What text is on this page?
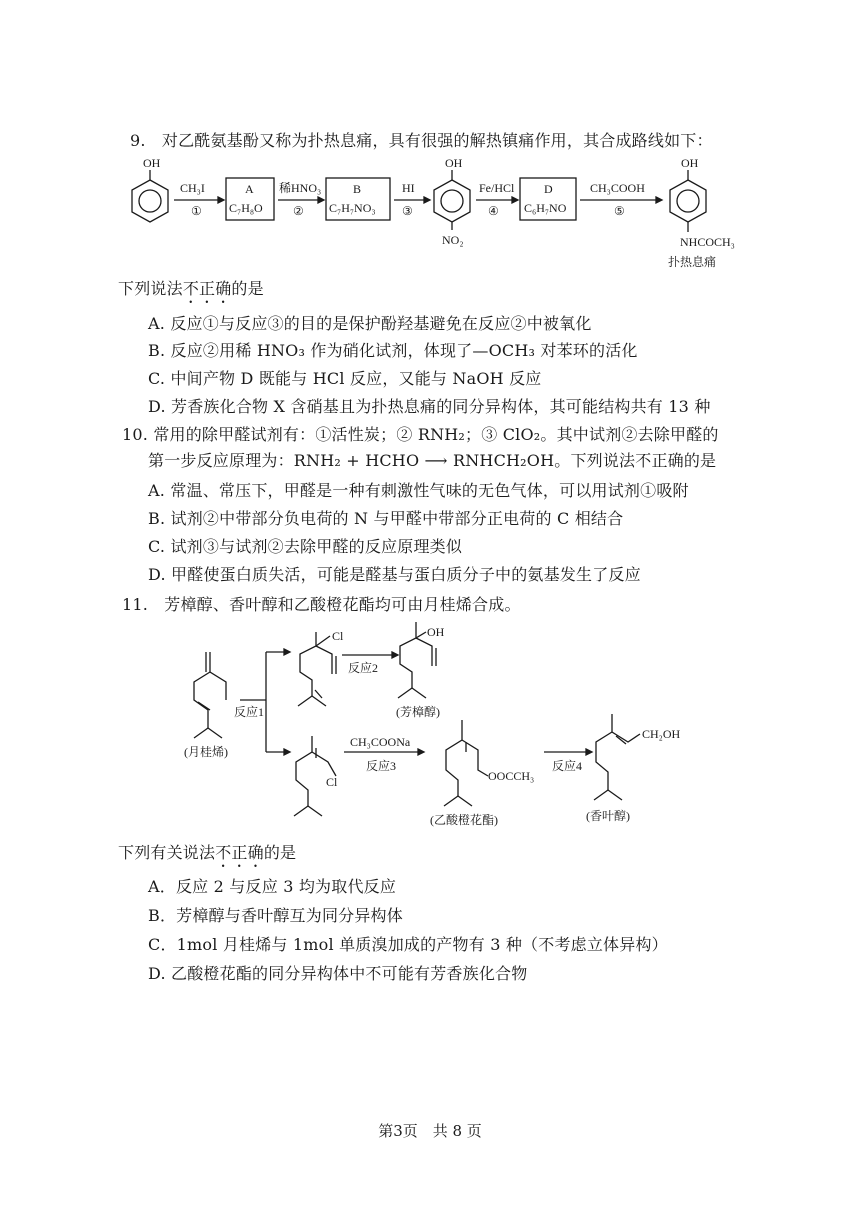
9.　对乙酰氨基酚又称为扑热息痛，具有很强的解热镇痛作用，其合成路线如下：
OH
CH₃I
①
A
C₇H₈O
稀HNO₃
②
B
C₇H₇NO₃
HI
③
OH
NO₂
Fe/HCl
④
D
C₆H₇NO
CH₃COOH
⑤
OH
NHCOCH₃
扑热息痛
下列说法不正确的是
A. 反应①与反应③的目的是保护酚羟基避免在反应②中被氧化
B. 反应②用稀 HNO₃ 作为硝化试剂，体现了—OCH₃ 对苯环的活化
C. 中间产物 D 既能与 HCl 反应，又能与 NaOH 反应
D. 芳香族化合物 X 含硝基且为扑热息痛的同分异构体，其可能结构共有 13 种
10. 常用的除甲醛试剂有：①活性炭；② RNH₂；③ ClO₂。其中试剂②去除甲醛的
第一步反应原理为：RNH₂ + HCHO ⟶ RNHCH₂OH。下列说法不正确的是
A. 常温、常压下，甲醛是一种有刺激性气味的无色气体，可以用试剂①吸附
B. 试剂②中带部分负电荷的 N 与甲醛中带部分正电荷的 C 相结合
C. 试剂③与试剂②去除甲醛的反应原理类似
D. 甲醛使蛋白质失活，可能是醛基与蛋白质分子中的氨基发生了反应
11.　芳樟醇、香叶醇和乙酸橙花酯均可由月桂烯合成。
(月桂烯)
反应1
Cl
反应2
OH
(芳樟醇)
Cl
CH₃COONa
反应3
OOCCH₃
(乙酸橙花酯)
反应4
CH₂OH
(香叶醇)
下列有关说法不正确的是
A．反应 2 与反应 3 均为取代反应
B．芳樟醇与香叶醇互为同分异构体
C．1mol 月桂烯与 1mol 单质溴加成的产物有 3 种（不考虑立体异构）
D. 乙酸橙花酯的同分异构体中不可能有芳香族化合物
第3页　共 8 页
